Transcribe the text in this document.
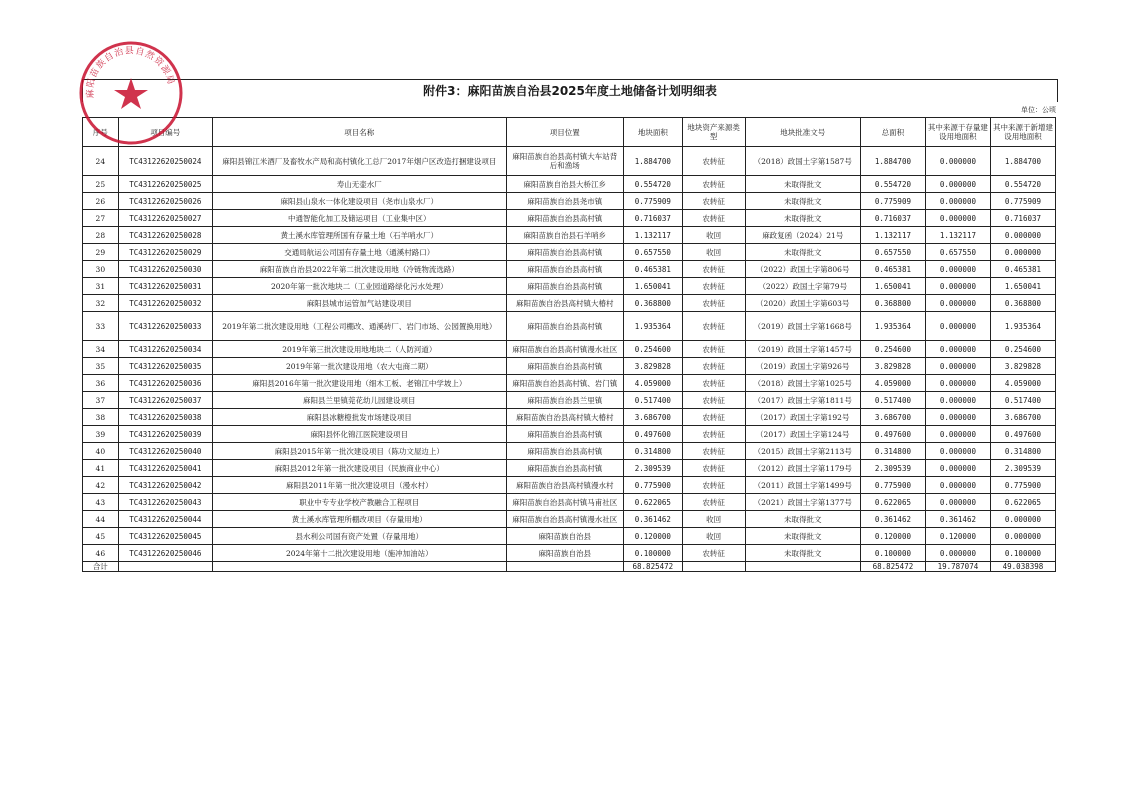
附件3：麻阳苗族自治县2025年度土地储备计划明细表
单位：公顷
序号	项目编号	项目名称	项目位置	地块面积	地块资产来源类型	地块批准文号	总面积	其中来源于存量建设用地面积	其中来源于新增建设用地面积
24	TC43122620250024	麻阳县锦江米酒厂及畜牧水产局和高村镇化工总厂2017年烟户区改造打捆建设项目	麻阳苗族自治县高村镇大车站背后和渔场	1.884700	农转征	（2018）政国土字第1587号	1.884700	0.000000	1.884700
25	TC43122620250025	寿山无壶水厂	麻阳苗族自治县大桥江乡	0.554720	农转征	未取得批文	0.554720	0.000000	0.554720
26	TC43122620250026	麻阳县山泉水一体化建设项目（尧市山泉水厂）	麻阳苗族自治县尧市镇	0.775909	农转征	未取得批文	0.775909	0.000000	0.775909
27	TC43122620250027	中通智能化加工及储运项目（工业集中区）	麻阳苗族自治县高村镇	0.716037	农转征	未取得批文	0.716037	0.000000	0.716037
28	TC43122620250028	黄土溪水库管理所国有存量土地（石羊哨水厂）	麻阳苗族自治县石羊哨乡	1.132117	收回	麻政复函（2024）21号	1.132117	1.132117	0.000000
29	TC43122620250029	交通局航运公司国有存量土地（通溪村路口）	麻阳苗族自治县高村镇	0.657550	收回	未取得批文	0.657550	0.657550	0.000000
30	TC43122620250030	麻阳苗族自治县2022年第二批次建设用地（冷链物流选路）	麻阳苗族自治县高村镇	0.465381	农转征	（2022）政国土字第806号	0.465381	0.000000	0.465381
31	TC43122620250031	2020年第一批次地块二（工业园道路绿化污水处理）	麻阳苗族自治县高村镇	1.650041	农转征	（2022）政国土字第79号	1.650041	0.000000	1.650041
32	TC43122620250032	麻阳县城市运管加气站建设项目	麻阳苗族自治县高村镇大椿村	0.368800	农转征	（2020）政国土字第603号	0.368800	0.000000	0.368800
33	TC43122620250033	2019年第二批次建设用地（工程公司棚改、通溪砖厂、岩门市场、公园置换用地）	麻阳苗族自治县高村镇	1.935364	农转征	（2019）政国土字第1668号	1.935364	0.000000	1.935364
34	TC43122620250034	2019年第三批次建设用地地块二（人防河道）	麻阳苗族自治县高村镇漫水社区	0.254600	农转征	（2019）政国土字第1457号	0.254600	0.000000	0.254600
35	TC43122620250035	2019年第一批次建设用地（农大屯商二期）	麻阳苗族自治县高村镇	3.829828	农转征	（2019）政国土字第926号	3.829828	0.000000	3.829828
36	TC43122620250036	麻阳县2016年第一批次建设用地（细木工板、老锦江中学坡上）	麻阳苗族自治县高村镇、岩门镇	4.059000	农转征	（2018）政国土字第1025号	4.059000	0.000000	4.059000
37	TC43122620250037	麻阳县兰里镇莞花幼儿园建设项目	麻阳苗族自治县兰里镇	0.517400	农转征	（2017）政国土字第1811号	0.517400	0.000000	0.517400
38	TC43122620250038	麻阳县冰糖橙批发市场建设项目	麻阳苗族自治县高村镇大椿村	3.686700	农转征	（2017）政国土字第192号	3.686700	0.000000	3.686700
39	TC43122620250039	麻阳县怀化锦江医院建设项目	麻阳苗族自治县高村镇	0.497600	农转征	（2017）政国土字第124号	0.497600	0.000000	0.497600
40	TC43122620250040	麻阳县2015年第一批次建设项目（陈功文屋边上）	麻阳苗族自治县高村镇	0.314800	农转征	（2015）政国土字第2113号	0.314800	0.000000	0.314800
41	TC43122620250041	麻阳县2012年第一批次建设项目（民族商业中心）	麻阳苗族自治县高村镇	2.309539	农转征	（2012）政国土字第1179号	2.309539	0.000000	2.309539
42	TC43122620250042	麻阳县2011年第一批次建设项目（漫水村）	麻阳苗族自治县高村镇漫水村	0.775900	农转征	（2011）政国土字第1499号	0.775900	0.000000	0.775900
43	TC43122620250043	职业中专专业学校产教融合工程项目	麻阳苗族自治县高村镇马甫社区	0.622065	农转征	（2021）政国土字第1377号	0.622065	0.000000	0.622065
44	TC43122620250044	黄土溪水库管理所棚改项目（存量用地）	麻阳苗族自治县高村镇漫水社区	0.361462	收回	未取得批文	0.361462	0.361462	0.000000
45	TC43122620250045	县水利公司国有资产处置（存量用地）	麻阳苗族自治县	0.120000	收回	未取得批文	0.120000	0.120000	0.000000
46	TC43122620250046	2024年第十二批次建设用地（施冲加油站）	麻阳苗族自治县	0.100000	农转征	未取得批文	0.100000	0.000000	0.100000
合计				68.825472			68.825472	19.787074	49.038398
麻阳苗族自治县自然资源局
